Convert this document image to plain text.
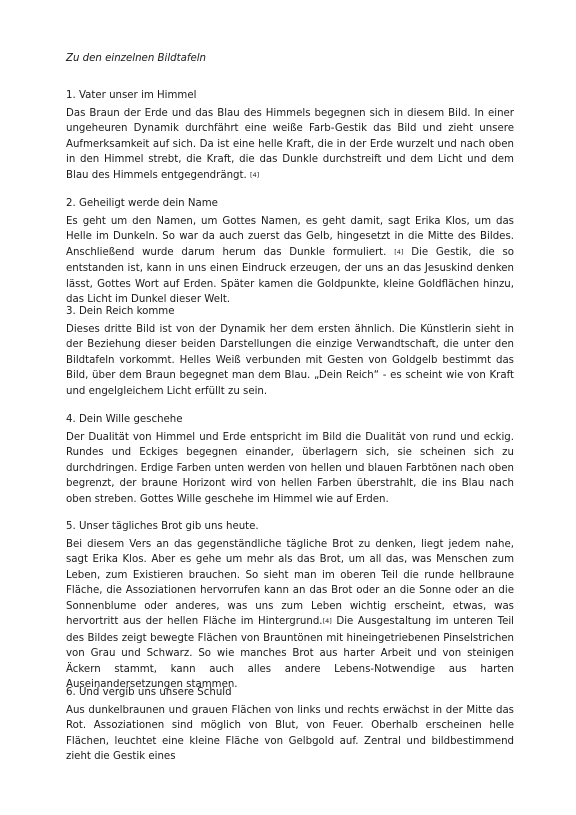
Zu den einzelnen Bildtafeln
1. Vater unser im Himmel
Das Braun der Erde und das Blau des Himmels begegnen sich in diesem Bild. In einer ungeheuren Dynamik durchfährt eine weiße Farb-Gestik das Bild und zieht unsere Aufmerksamkeit auf sich. Da ist eine helle Kraft, die in der Erde wurzelt und nach oben in den Himmel strebt, die Kraft, die das Dunkle durchstreift und dem Licht und dem Blau des Himmels entgegendrängt. [4]
2. Geheiligt werde dein Name
Es geht um den Namen, um Gottes Namen, es geht damit, sagt Erika Klos, um das Helle im Dunkeln. So war da auch zuerst das Gelb, hingesetzt in die Mitte des Bildes. Anschließend wurde darum herum das Dunkle formuliert. [4] Die Gestik, die so entstanden ist, kann in uns einen Eindruck erzeugen, der uns an das Jesuskind denken lässt, Gottes Wort auf Erden. Später kamen die Goldpunkte, kleine Goldflächen hinzu, das Licht im Dunkel dieser Welt.
3. Dein Reich komme
Dieses dritte Bild ist von der Dynamik her dem ersten ähnlich. Die Künstlerin sieht in der Beziehung dieser beiden Darstellungen die einzige Verwandtschaft, die unter den Bildtafeln vorkommt. Helles Weiß verbunden mit Gesten von Goldgelb bestimmt das Bild, über dem Braun begegnet man dem Blau. „Dein Reich“ - es scheint wie von Kraft und engelgleichem Licht erfüllt zu sein.
4. Dein Wille geschehe
Der Dualität von Himmel und Erde entspricht im Bild die Dualität von rund und eckig. Rundes und Eckiges begegnen einander, überlagern sich, sie scheinen sich zu durchdringen. Erdige Farben unten werden von hellen und blauen Farbtönen nach oben begrenzt, der braune Horizont wird von hellen Farben überstrahlt, die ins Blau nach oben streben. Gottes Wille geschehe im Himmel wie auf Erden.
5. Unser tägliches Brot gib uns heute.
Bei diesem Vers an das gegenständliche tägliche Brot zu denken, liegt jedem nahe, sagt Erika Klos. Aber es gehe um mehr als das Brot, um all das, was Menschen zum Leben, zum Existieren brauchen. So sieht man im oberen Teil die runde hellbraune Fläche, die Assoziationen hervorrufen kann an das Brot oder an die Sonne oder an die Sonnenblume oder anderes, was uns zum Leben wichtig erscheint, etwas, was hervortritt aus der hellen Fläche im Hintergrund.[4] Die Ausgestaltung im unteren Teil des Bildes zeigt bewegte Flächen von Brauntönen mit hineingetriebenen Pinselstrichen von Grau und Schwarz. So wie manches Brot aus harter Arbeit und von steinigen Äckern stammt, kann auch alles andere Lebens-Notwendige aus harten Auseinandersetzungen stammen.
6. Und vergib uns unsere Schuld
Aus dunkelbraunen und grauen Flächen von links und rechts erwächst in der Mitte das Rot. Assoziationen sind möglich von Blut, von Feuer. Oberhalb erscheinen helle Flächen, leuchtet eine kleine Fläche von Gelbgold auf. Zentral und bildbestimmend zieht die Gestik eines
